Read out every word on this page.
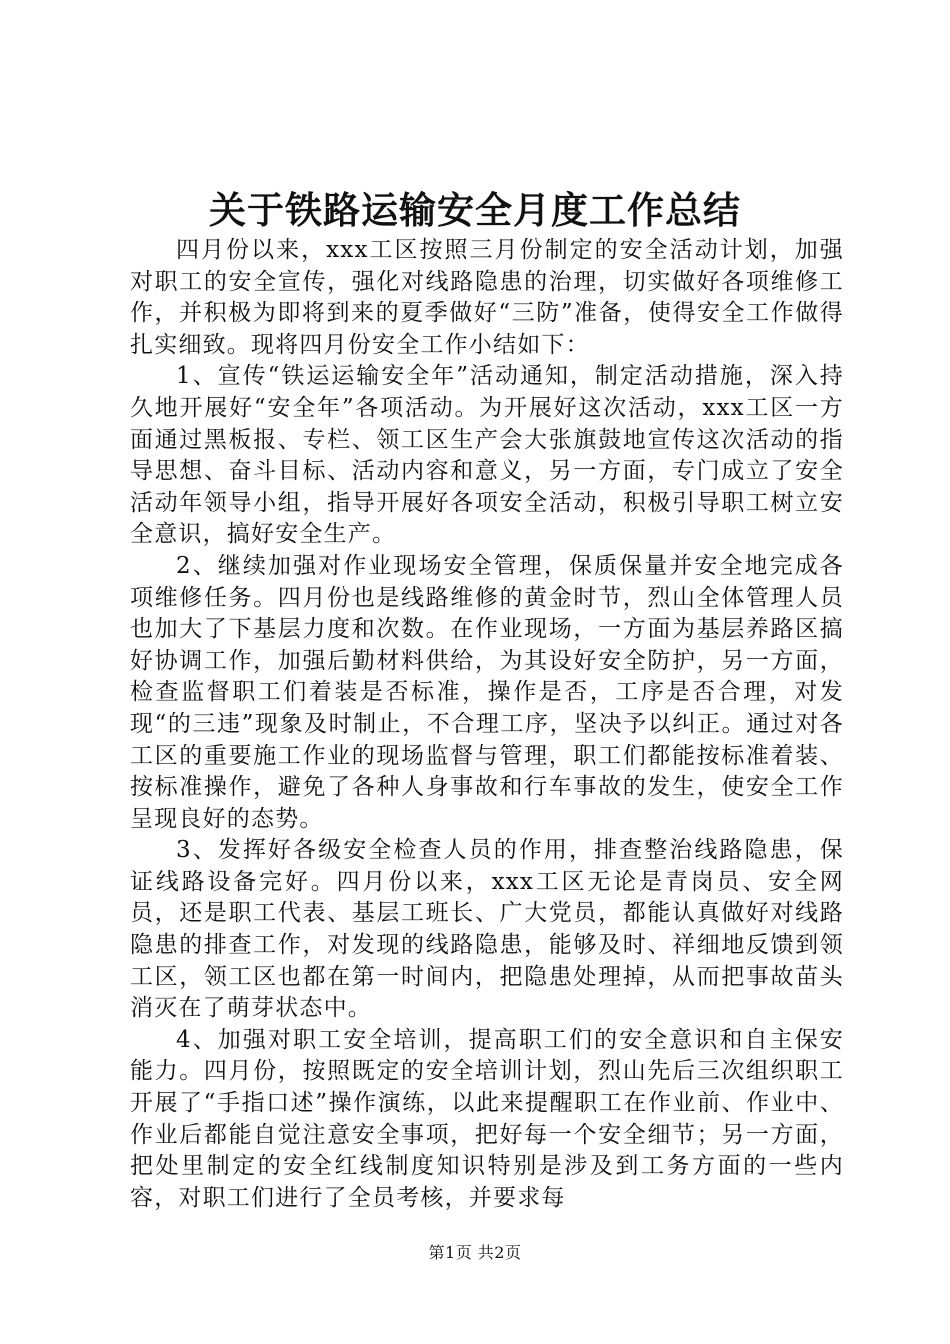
关于铁路运输安全月度工作总结

四月份以来，xxx工区按照三月份制定的安全活动计划，加强对职工的安全宣传，强化对线路隐患的治理，切实做好各项维修工作，并积极为即将到来的夏季做好“三防”准备，使得安全工作做得扎实细致。现将四月份安全工作小结如下：

1、宣传“铁运运输安全年”活动通知，制定活动措施，深入持久地开展好“安全年”各项活动。为开展好这次活动，xxx工区一方面通过黑板报、专栏、领工区生产会大张旗鼓地宣传这次活动的指导思想、奋斗目标、活动内容和意义，另一方面，专门成立了安全活动年领导小组，指导开展好各项安全活动，积极引导职工树立安全意识，搞好安全生产。

2、继续加强对作业现场安全管理，保质保量并安全地完成各项维修任务。四月份也是线路维修的黄金时节，烈山全体管理人员也加大了下基层力度和次数。在作业现场，一方面为基层养路区搞好协调工作，加强后勤材料供给，为其设好安全防护，另一方面，检查监督职工们着装是否标准，操作是否，工序是否合理，对发现“的三违”现象及时制止，不合理工序，坚决予以纠正。通过对各工区的重要施工作业的现场监督与管理，职工们都能按标准着装、按标准操作，避免了各种人身事故和行车事故的发生，使安全工作呈现良好的态势。

3、发挥好各级安全检查人员的作用，排查整治线路隐患，保证线路设备完好。四月份以来，xxx工区无论是青岗员、安全网员，还是职工代表、基层工班长、广大党员，都能认真做好对线路隐患的排查工作，对发现的线路隐患，能够及时、祥细地反馈到领工区，领工区也都在第一时间内，把隐患处理掉，从而把事故苗头消灭在了萌芽状态中。

4、加强对职工安全培训，提高职工们的安全意识和自主保安能力。四月份，按照既定的安全培训计划，烈山先后三次组织职工开展了“手指口述”操作演练，以此来提醒职工在作业前、作业中、作业后都能自觉注意安全事项，把好每一个安全细节；另一方面，把处里制定的安全红线制度知识特别是涉及到工务方面的一些内容，对职工们进行了全员考核，并要求每

第1页 共2页
